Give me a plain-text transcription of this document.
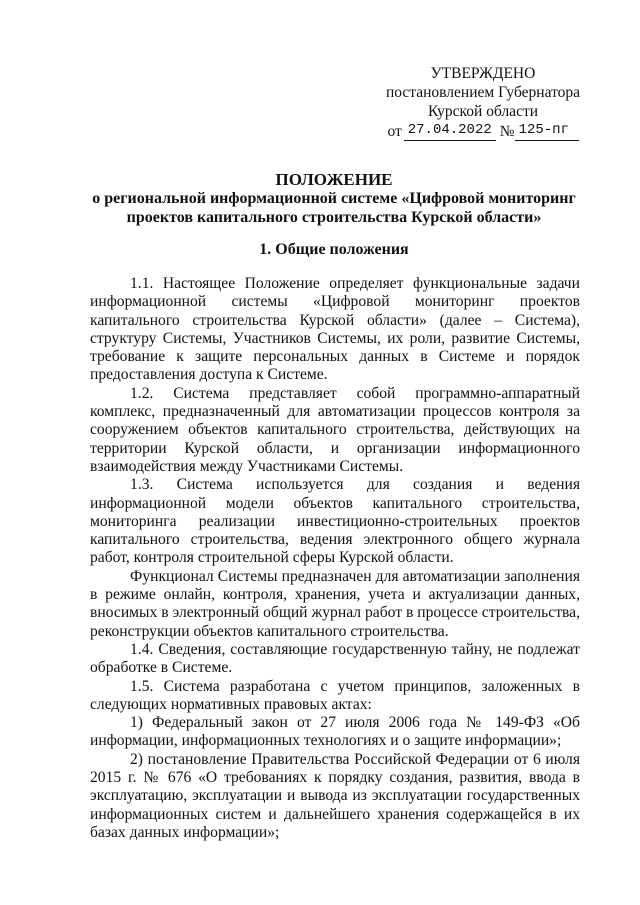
УТВЕРЖДЕНО
постановлением Губернатора
Курской области
от 27.04.2022 № 125-пг
ПОЛОЖЕНИЕ
о региональной информационной системе «Цифровой мониторинг
проектов капитального строительства Курской области»
1. Общие положения

1.1. Настоящее Положение определяет функциональные задачи информационной системы «Цифровой мониторинг проектов капитального строительства Курской области» (далее – Система), структуру Системы, Участников Системы, их роли, развитие Системы, требование к защите персональных данных в Системе и порядок предоставления доступа к Системе.

1.2. Система представляет собой программно-аппаратный комплекс, предназначенный для автоматизации процессов контроля за сооружением объектов капитального строительства, действующих на территории Курской области, и организации информационного взаимодействия между Участниками Системы.

1.3. Система используется для создания и ведения информационной модели объектов капитального строительства, мониторинга реализации инвестиционно-строительных проектов капитального строительства, ведения электронного общего журнала работ, контроля строительной сферы Курской области.

Функционал Системы предназначен для автоматизации заполнения в режиме онлайн, контроля, хранения, учета и актуализации данных, вносимых в электронный общий журнал работ в процессе строительства, реконструкции объектов капитального строительства.

1.4. Сведения, составляющие государственную тайну, не подлежат обработке в Системе.

1.5. Система разработана с учетом принципов, заложенных в следующих нормативных правовых актах:

1) Федеральный закон от 27 июля 2006 года № 149-ФЗ «Об информации, информационных технологиях и о защите информации»;

2) постановление Правительства Российской Федерации от 6 июля 2015 г. № 676 «О требованиях к порядку создания, развития, ввода в эксплуатацию, эксплуатации и вывода из эксплуатации государственных информационных систем и дальнейшего хранения содержащейся в их базах данных информации»;
